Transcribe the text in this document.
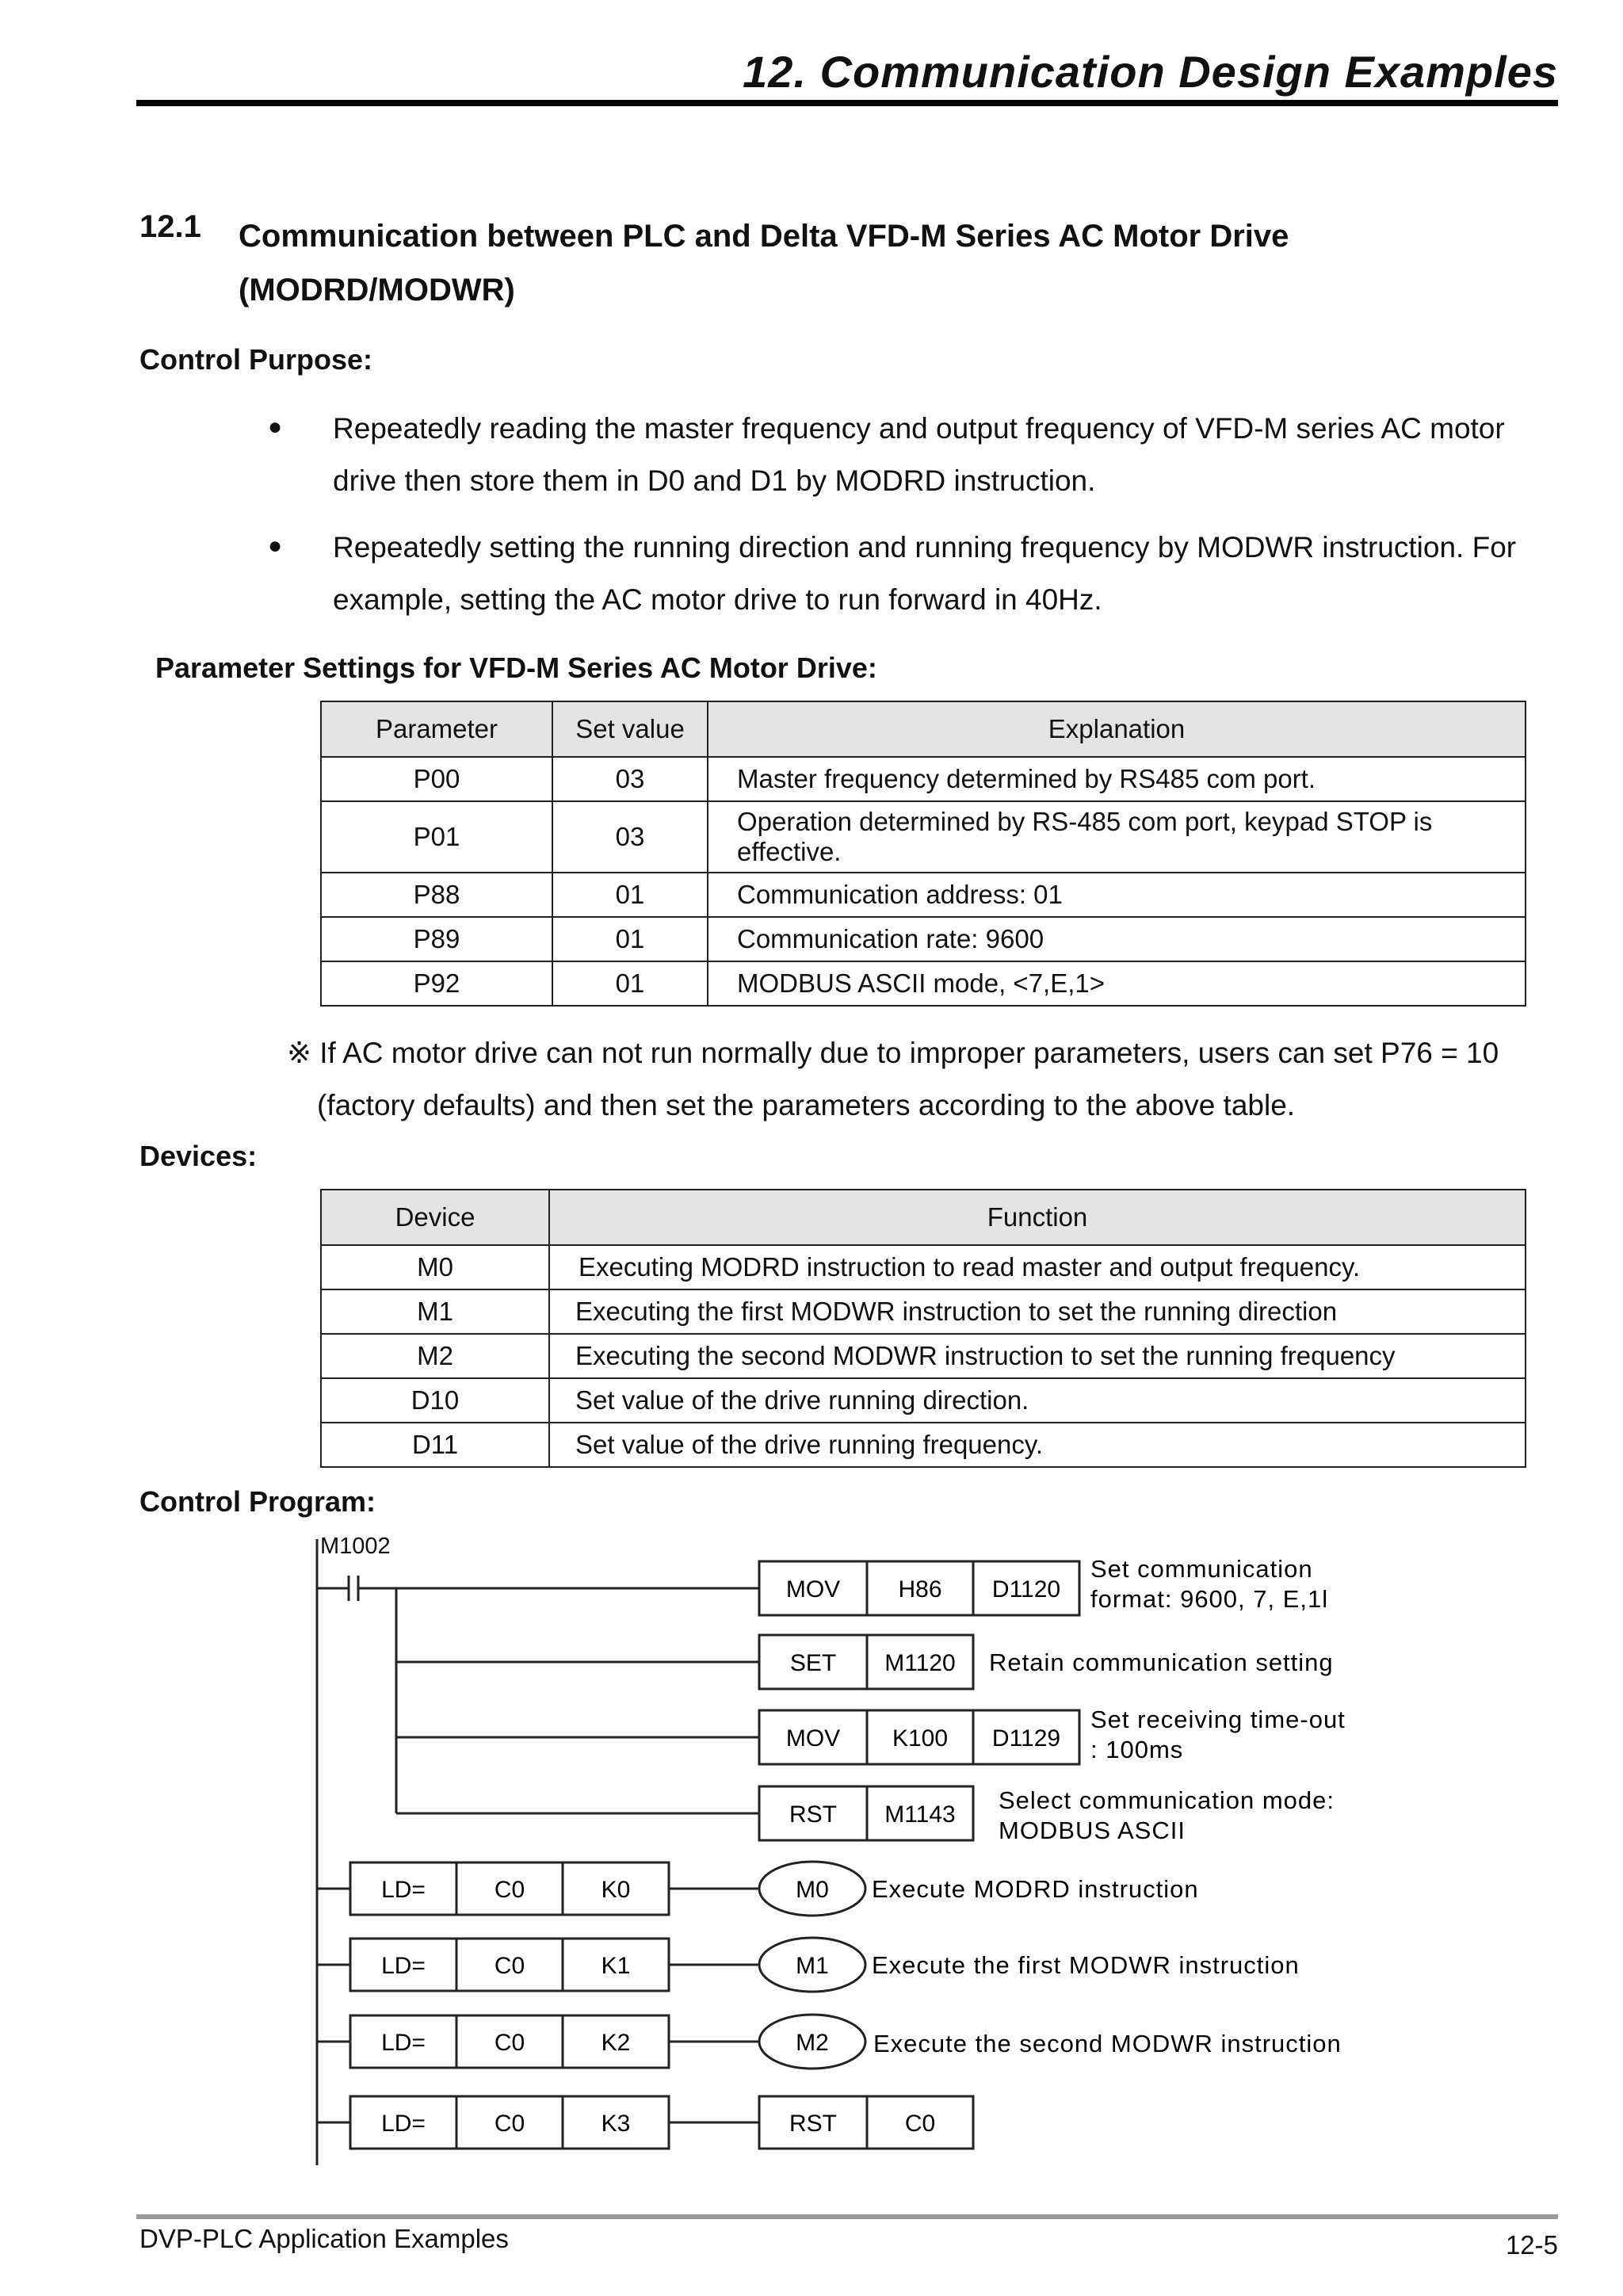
12. Communication Design Examples
12.1 Communication between PLC and Delta VFD-M Series AC Motor Drive (MODRD/MODWR)
Control Purpose:
● Repeatedly reading the master frequency and output frequency of VFD-M series AC motor drive then store them in D0 and D1 by MODRD instruction.
● Repeatedly setting the running direction and running frequency by MODWR instruction. For example, setting the AC motor drive to run forward in 40Hz.
Parameter Settings for VFD-M Series AC Motor Drive:
Parameter	Set value	Explanation
P00	03	Master frequency determined by RS485 com port.
P01	03	Operation determined by RS-485 com port, keypad STOP is effective.
P88	01	Communication address: 01
P89	01	Communication rate: 9600
P92	01	MODBUS ASCII mode, <7,E,1>
※ If AC motor drive can not run normally due to improper parameters, users can set P76 = 10 (factory defaults) and then set the parameters according to the above table.
Devices:
Device	Function
M0	Executing MODRD instruction to read master and output frequency.
M1	Executing the first MODWR instruction to set the running direction
M2	Executing the second MODWR instruction to set the running frequency
D10	Set value of the drive running direction.
D11	Set value of the drive running frequency.
Control Program:
M1002
MOV H86 D1120
Set communication
format: 9600, 7, E,1l
SET M1120 Retain communication setting
MOV K100 D1129
Set receiving time-out
: 100ms
RST M1143
Select communication mode:
MODBUS ASCII
LD=	C0	K0	M0 Execute MODRD instruction
LD=	C0	K1	M1 Execute the first MODWR instruction
LD=	C0	K2	M2 Execute the second MODWR instruction
LD=	C0	K3	RST	C0
DVP-PLC Application Examples	12-5
